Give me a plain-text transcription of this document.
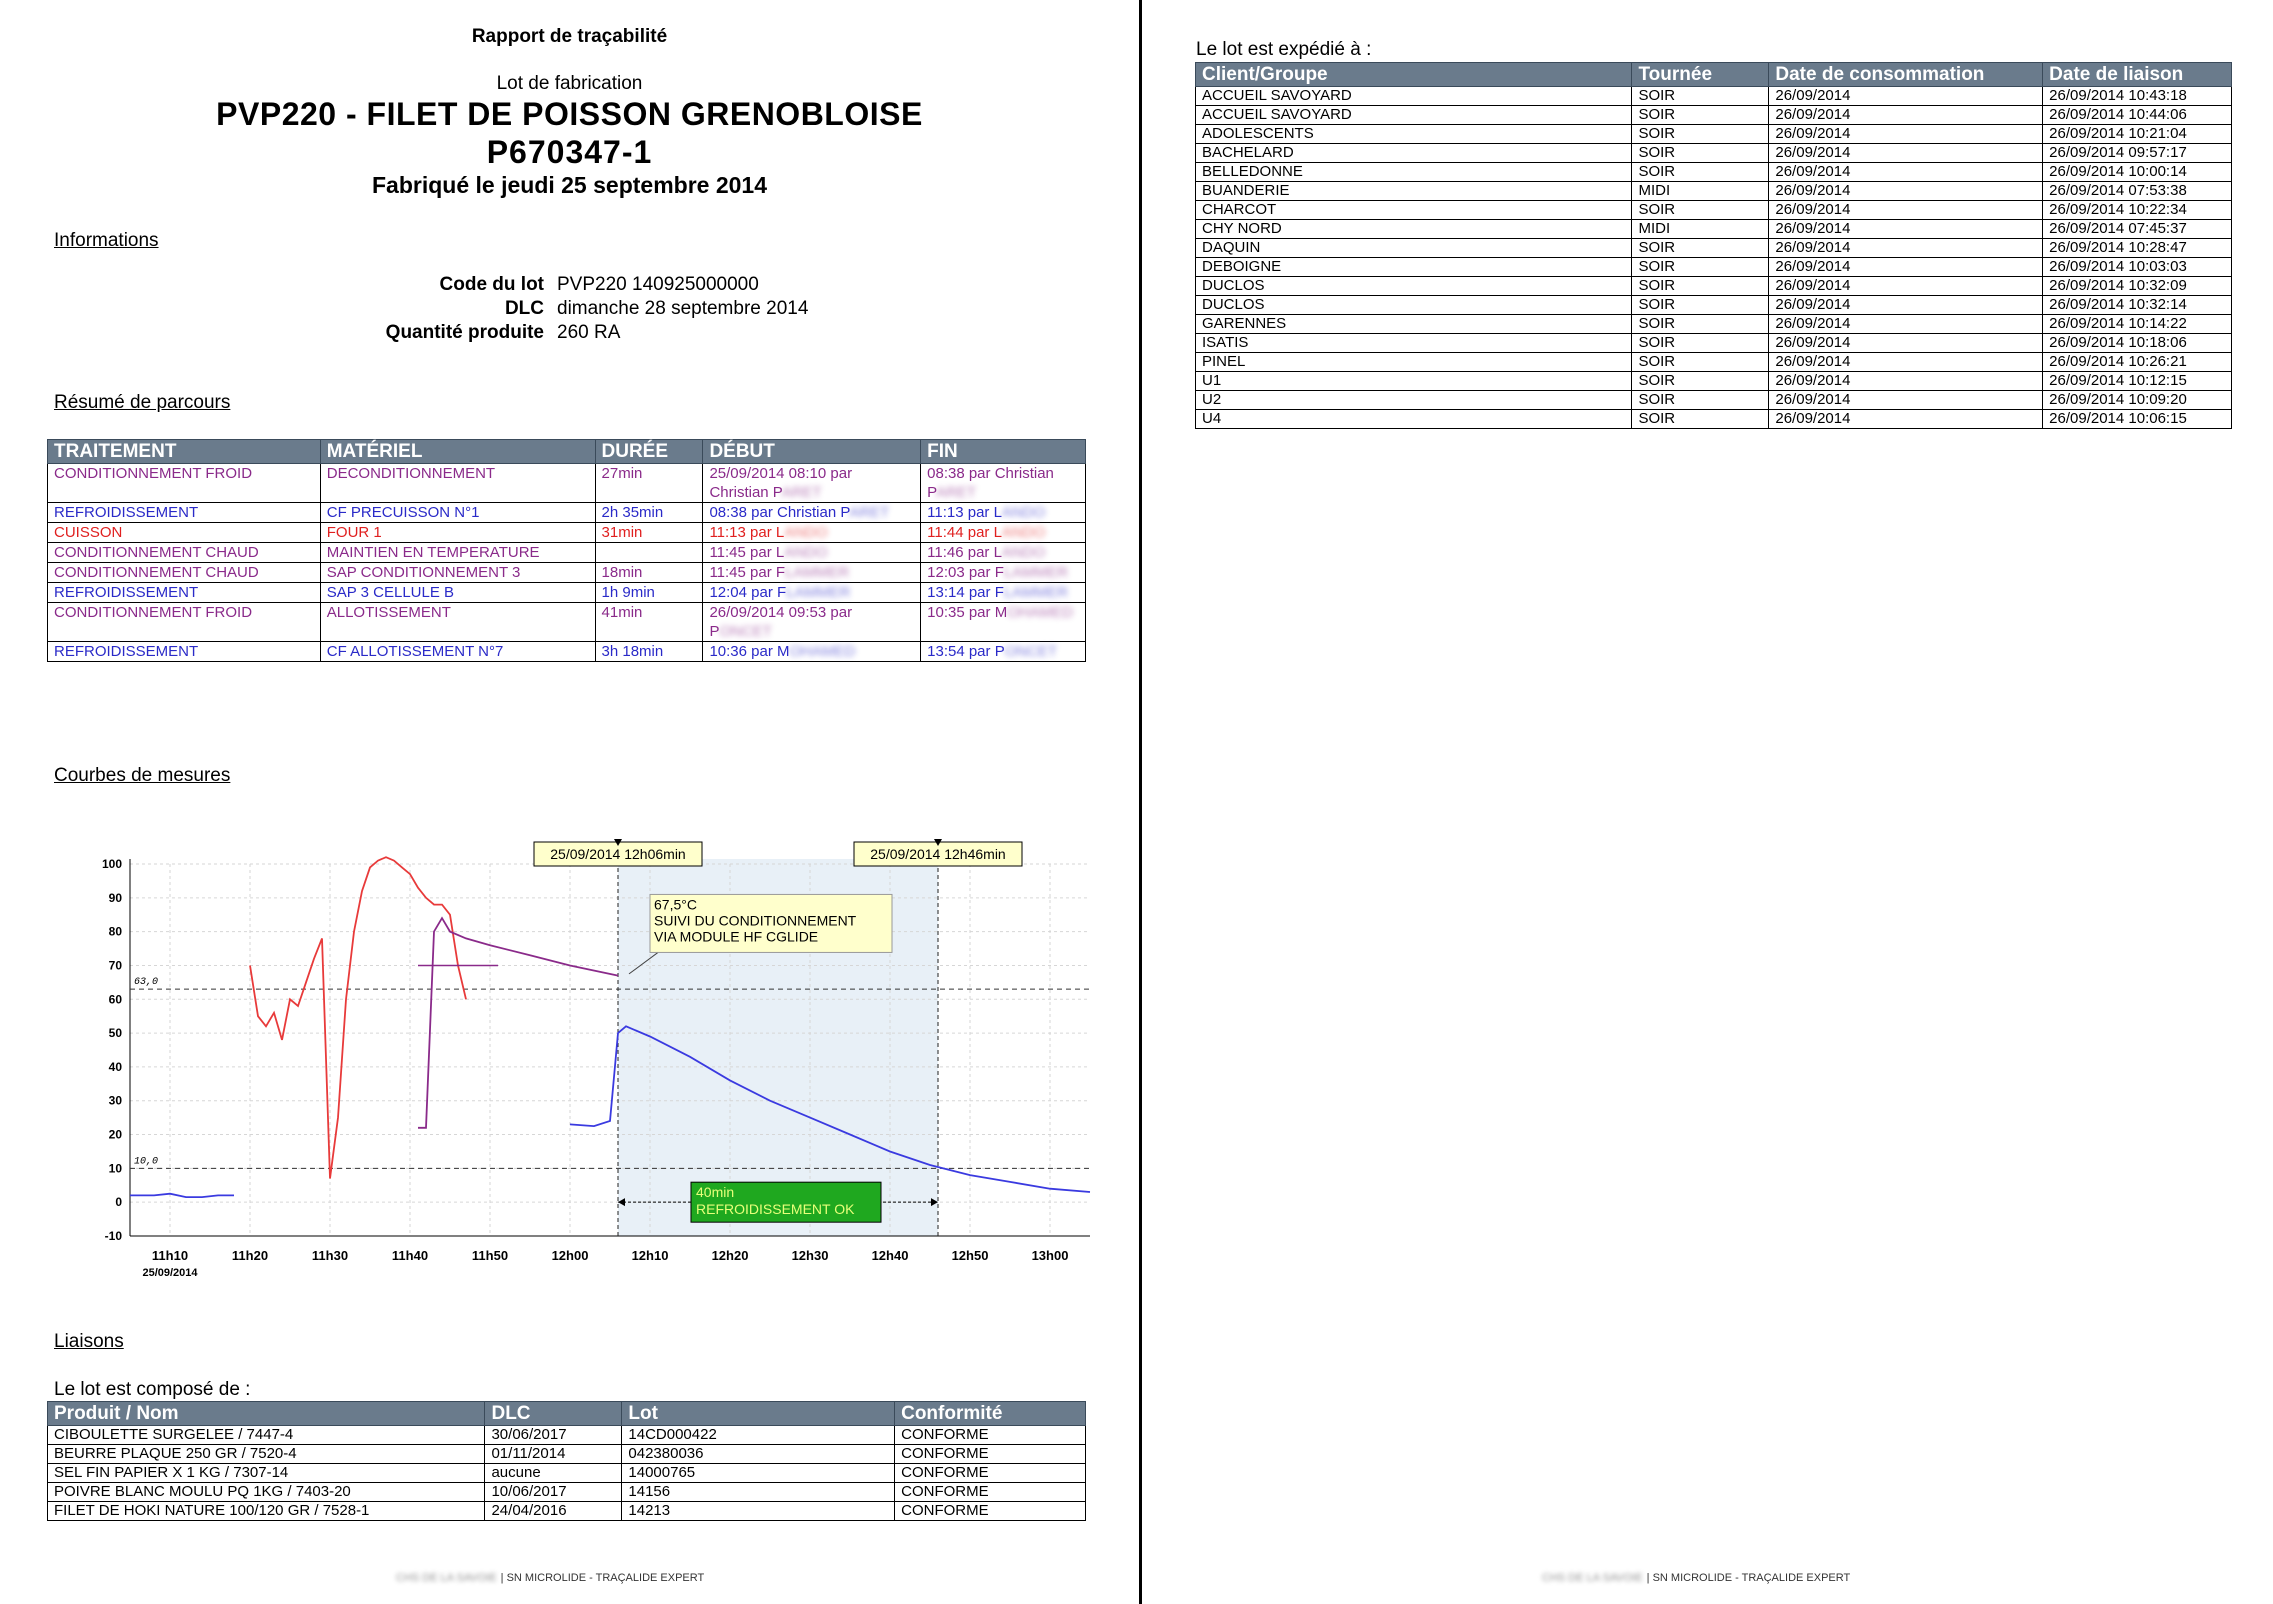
Rapport de traçabilité
Lot de fabrication
PVP220 - FILET DE POISSON GRENOBLOISE
P670347-1
Fabriqué le jeudi 25 septembre 2014
Informations
Code du lot PVP220 140925000000
DLC dimanche 28 septembre 2014
Quantité produite 260 RA
Résumé de parcours
TRAITEMENT	MATÉRIEL	DURÉE	DÉBUT	FIN
CONDITIONNEMENT FROID	DECONDITIONNEMENT	27min	25/09/2014 08:10 par Christian PARET	08:38 par Christian PARET
REFROIDISSEMENT	CF PRECUISSON N°1	2h 35min	08:38 par Christian PARET	11:13 par LANDO
CUISSON	FOUR 1	31min	11:13 par LANDO	11:44 par LANDO
CONDITIONNEMENT CHAUD	MAINTIEN EN TEMPERATURE		11:45 par LANDO	11:46 par LANDO
CONDITIONNEMENT CHAUD	SAP CONDITIONNEMENT 3	18min	11:45 par FLAMMER	12:03 par FLAMMER
REFROIDISSEMENT	SAP 3 CELLULE B	1h 9min	12:04 par FLAMMER	13:14 par FLAMMER
CONDITIONNEMENT FROID	ALLOTISSEMENT	41min	26/09/2014 09:53 par PONCET	10:35 par MOHAMED
REFROIDISSEMENT	CF ALLOTISSEMENT N°7	3h 18min	10:36 par MOHAMED	13:54 par PONCET
Courbes de mesures
-10
0
10
20
30
40
50
60
70
80
90
100
11h10	11h20	11h30	11h40	11h50	12h00	12h10	12h20	12h30	12h40	12h50	13h00
25/09/2014
63,0
10,0
25/09/2014 12h06min	25/09/2014 12h46min
67,5°C
SUIVI DU CONDITIONNEMENT
VIA MODULE HF CGLIDE
40min
REFROIDISSEMENT OK
Liaisons
Le lot est composé de :
Produit / Nom	DLC	Lot	Conformité
CIBOULETTE SURGELEE / 7447-4	30/06/2017	14CD000422	CONFORME
BEURRE PLAQUE 250 GR / 7520-4	01/11/2014	042380036	CONFORME
SEL FIN PAPIER X 1 KG / 7307-14	aucune	14000765	CONFORME
POIVRE BLANC MOULU PQ 1KG / 7403-20	10/06/2017	14156	CONFORME
FILET DE HOKI NATURE 100/120 GR / 7528-1	24/04/2016	14213	CONFORME
CHS DE LA SAVOIE | SN MICROLIDE - TRAÇALIDE EXPERT
Le lot est expédié à :
Client/Groupe	Tournée	Date de consommation	Date de liaison
ACCUEIL SAVOYARD	SOIR	26/09/2014	26/09/2014 10:43:18
ACCUEIL SAVOYARD	SOIR	26/09/2014	26/09/2014 10:44:06
ADOLESCENTS	SOIR	26/09/2014	26/09/2014 10:21:04
BACHELARD	SOIR	26/09/2014	26/09/2014 09:57:17
BELLEDONNE	SOIR	26/09/2014	26/09/2014 10:00:14
BUANDERIE	MIDI	26/09/2014	26/09/2014 07:53:38
CHARCOT	SOIR	26/09/2014	26/09/2014 10:22:34
CHY NORD	MIDI	26/09/2014	26/09/2014 07:45:37
DAQUIN	SOIR	26/09/2014	26/09/2014 10:28:47
DEBOIGNE	SOIR	26/09/2014	26/09/2014 10:03:03
DUCLOS	SOIR	26/09/2014	26/09/2014 10:32:09
DUCLOS	SOIR	26/09/2014	26/09/2014 10:32:14
GARENNES	SOIR	26/09/2014	26/09/2014 10:14:22
ISATIS	SOIR	26/09/2014	26/09/2014 10:18:06
PINEL	SOIR	26/09/2014	26/09/2014 10:26:21
U1	SOIR	26/09/2014	26/09/2014 10:12:15
U2	SOIR	26/09/2014	26/09/2014 10:09:20
U4	SOIR	26/09/2014	26/09/2014 10:06:15
CHS DE LA SAVOIE | SN MICROLIDE - TRAÇALIDE EXPERT
